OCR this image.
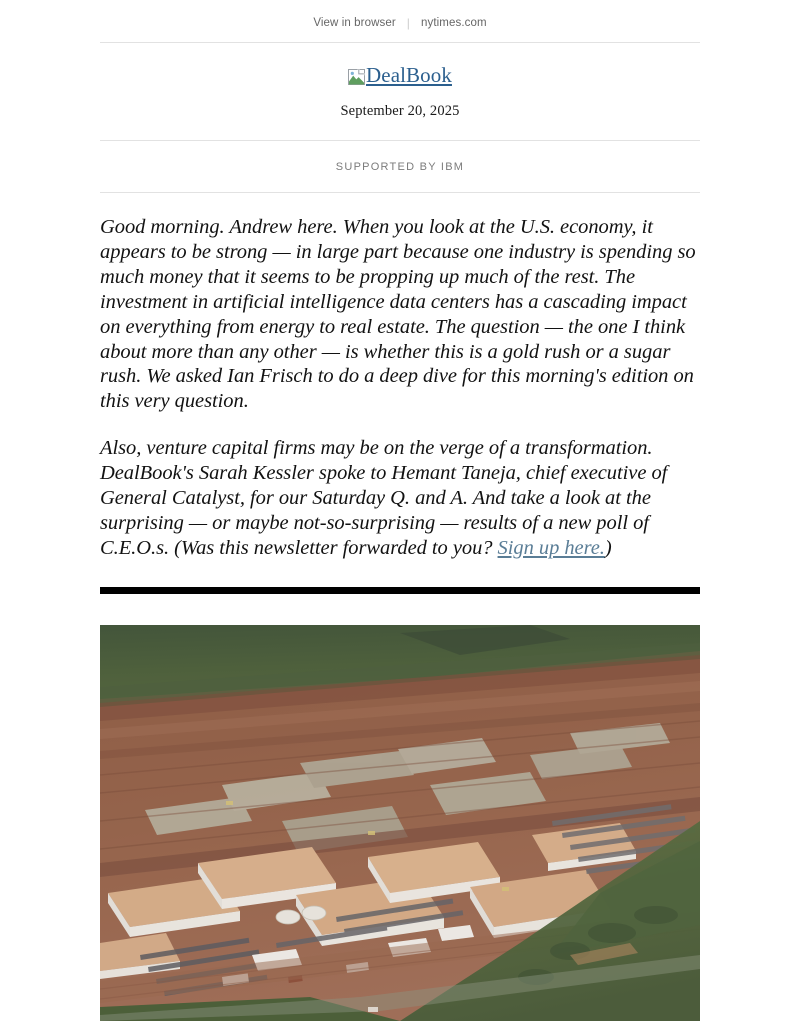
View in browser | nytimes.com
DealBook
September 20, 2025
SUPPORTED BY IBM

Good morning. Andrew here. When you look at the U.S. economy, it appears to be strong — in large part because one industry is spending so much money that it seems to be propping up much of the rest. The investment in artificial intelligence data centers has a cascading impact on everything from energy to real estate. The question — the one I think about more than any other — is whether this is a gold rush or a sugar rush. We asked Ian Frisch to do a deep dive for this morning's edition on this very question.

Also, venture capital firms may be on the verge of a transformation. DealBook's Sarah Kessler spoke to Hemant Taneja, chief executive of General Catalyst, for our Saturday Q. and A. And take a look at the surprising — or maybe not-so-surprising — results of a new poll of C.E.O.s. (Was this newsletter forwarded to you? Sign up here.)
